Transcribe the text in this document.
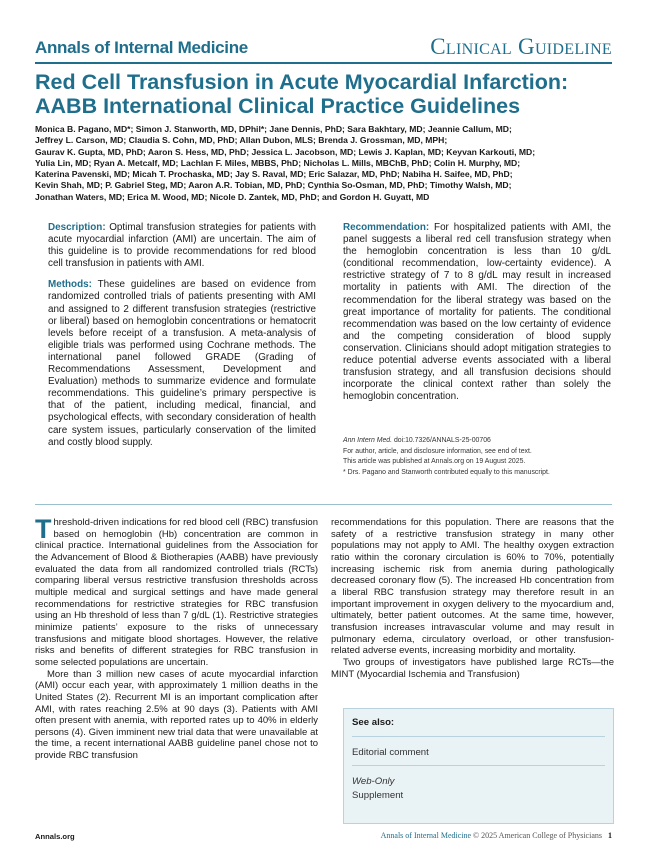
Annals of Internal Medicine	Clinical Guideline
Red Cell Transfusion in Acute Myocardial Infarction: AABB International Clinical Practice Guidelines
Monica B. Pagano, MD*; Simon J. Stanworth, MD, DPhil*; Jane Dennis, PhD; Sara Bakhtary, MD; Jeannie Callum, MD;
Jeffrey L. Carson, MD; Claudia S. Cohn, MD, PhD; Allan Dubon, MLS; Brenda J. Grossman, MD, MPH;
Gaurav K. Gupta, MD, PhD; Aaron S. Hess, MD, PhD; Jessica L. Jacobson, MD; Lewis J. Kaplan, MD; Keyvan Karkouti, MD;
Yulia Lin, MD; Ryan A. Metcalf, MD; Lachlan F. Miles, MBBS, PhD; Nicholas L. Mills, MBChB, PhD; Colin H. Murphy, MD;
Katerina Pavenski, MD; Micah T. Prochaska, MD; Jay S. Raval, MD; Eric Salazar, MD, PhD; Nabiha H. Saifee, MD, PhD;
Kevin Shah, MD; P. Gabriel Steg, MD; Aaron A.R. Tobian, MD, PhD; Cynthia So-Osman, MD, PhD; Timothy Walsh, MD;
Jonathan Waters, MD; Erica M. Wood, MD; Nicole D. Zantek, MD, PhD; and Gordon H. Guyatt, MD

Description: Optimal transfusion strategies for patients with acute myocardial infarction (AMI) are uncertain. The aim of this guideline is to provide recommendations for red blood cell transfusion in patients with AMI.

Methods: These guidelines are based on evidence from randomized controlled trials of patients presenting with AMI and assigned to 2 different transfusion strategies (restrictive or liberal) based on hemoglobin concentrations or hematocrit levels before receipt of a transfusion. A meta-analysis of eligible trials was performed using Cochrane methods. The international panel followed GRADE (Grading of Recommendations Assessment, Development and Evaluation) methods to summarize evidence and formulate recommendations. This guideline’s primary perspective is that of the patient, including medical, financial, and psychological effects, with secondary consideration of health care system issues, particularly conservation of the limited and costly blood supply.

Recommendation: For hospitalized patients with AMI, the panel suggests a liberal red cell transfusion strategy when the hemoglobin concentration is less than 10 g/dL (conditional recommendation, low-certainty evidence). A restrictive strategy of 7 to 8 g/dL may result in increased mortality in patients with AMI. The direction of the recommendation for the liberal strategy was based on the great importance of mortality for patients. The conditional recommendation was based on the low certainty of evidence and the competing consideration of blood supply conservation. Clinicians should adopt mitigation strategies to reduce potential adverse events associated with a liberal transfusion strategy, and all transfusion decisions should incorporate the clinical context rather than solely the hemoglobin concentration.

Ann Intern Med. doi:10.7326/ANNALS-25-00706
For author, article, and disclosure information, see end of text.
This article was published at Annals.org on 19 August 2025.
* Drs. Pagano and Stanworth contributed equally to this manuscript.

Threshold-driven indications for red blood cell (RBC) transfusion based on hemoglobin (Hb) concentration are common in clinical practice. International guidelines from the Association for the Advancement of Blood & Biotherapies (AABB) have previously evaluated the data from all randomized controlled trials (RCTs) comparing liberal versus restrictive transfusion thresholds across multiple medical and surgical settings and have made general recommendations for restrictive strategies for RBC transfusion using an Hb threshold of less than 7 g/dL (1). Restrictive strategies minimize patients’ exposure to the risks of unnecessary transfusions and mitigate blood shortages. However, the relative risks and benefits of different strategies for RBC transfusion in some selected populations are uncertain.

More than 3 million new cases of acute myocardial infarction (AMI) occur each year, with approximately 1 million deaths in the United States (2). Recurrent MI is an important complication after AMI, with rates reaching 2.5% at 90 days (3). Patients with AMI often present with anemia, with reported rates up to 40% in elderly persons (4). Given imminent new trial data that were unavailable at the time, a recent international AABB guideline panel chose not to provide RBC transfusion

recommendations for this population. There are reasons that the safety of a restrictive transfusion strategy in many other populations may not apply to AMI. The healthy oxygen extraction ratio within the coronary circulation is 60% to 70%, potentially increasing ischemic risk from anemia during pathologically decreased coronary flow (5). The increased Hb concentration from a liberal RBC transfusion strategy may therefore result in an important improvement in oxygen delivery to the myocardium and, ultimately, better patient outcomes. At the same time, however, transfusion increases intravascular volume and may result in pulmonary edema, circulatory overload, or other transfusion-related adverse events, increasing morbidity and mortality.

Two groups of investigators have published large RCTs—the MINT (Myocardial Ischemia and Transfusion)

See also:
Editorial comment
Web-Only
Supplement
Annals.org	Annals of Internal Medicine © 2025 American College of Physicians 1
